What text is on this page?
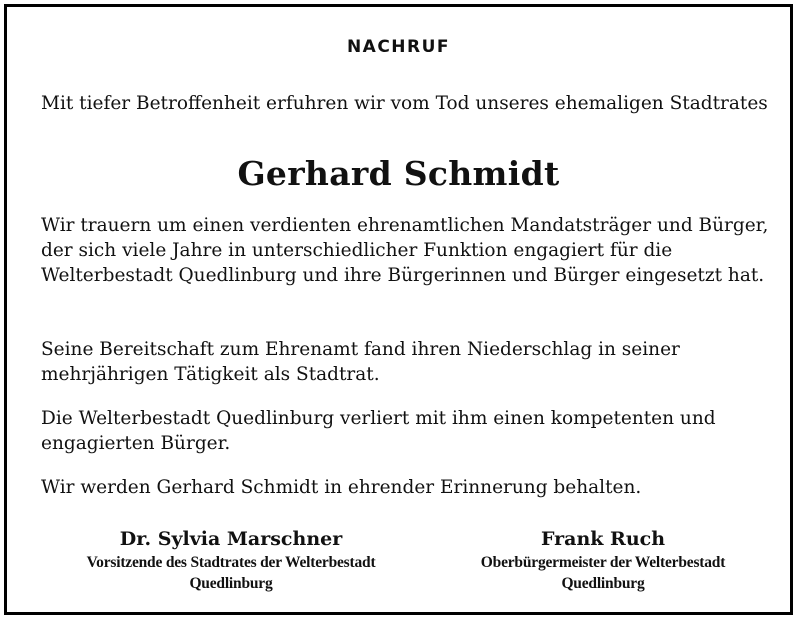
NACHRUF
Mit tiefer Betroffenheit erfuhren wir vom Tod unseres ehemaligen Stadtrates
Gerhard Schmidt
Wir trauern um einen verdienten ehrenamtlichen Mandatsträger und Bürger, der sich viele Jahre in unterschiedlicher Funktion engagiert für die Welterbestadt Quedlinburg und ihre Bürgerinnen und Bürger eingesetzt hat.
Seine Bereitschaft zum Ehrenamt fand ihren Niederschlag in seiner mehrjährigen Tätigkeit als Stadtrat.
Die Welterbestadt Quedlinburg verliert mit ihm einen kompetenten und engagierten Bürger.
Wir werden Gerhard Schmidt in ehrender Erinnerung behalten.
Dr. Sylvia Marschner
Vorsitzende des Stadtrates der Welterbestadt
Quedlinburg
Frank Ruch
Oberbürgermeister der Welterbestadt
Quedlinburg
